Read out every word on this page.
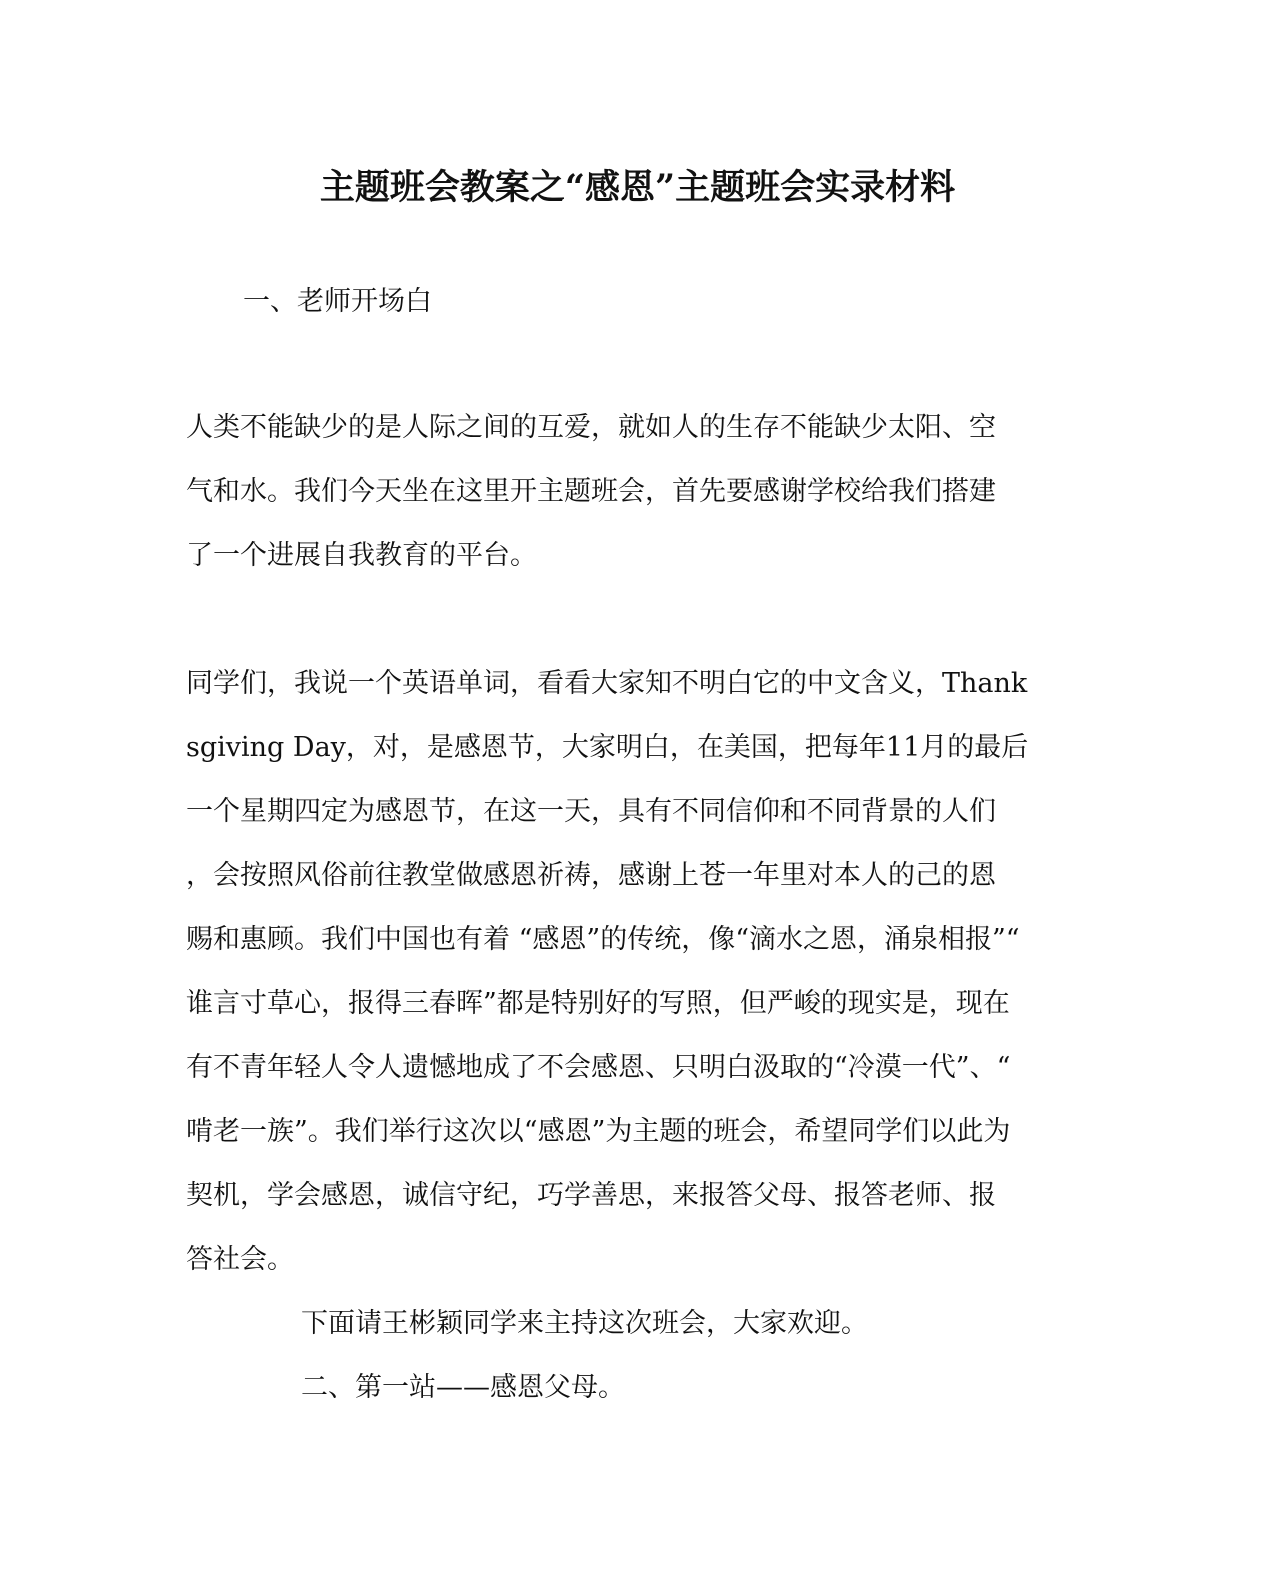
主题班会教案之“感恩”主题班会实录材料

一、老师开场白

人类不能缺少的是人际之间的互爱，就如人的生存不能缺少太阳、空
气和水。我们今天坐在这里开主题班会，首先要感谢学校给我们搭建
了一个进展自我教育的平台。
同学们，我说一个英语单词，看看大家知不明白它的中文含义，Thank
sgiving Day，对，是感恩节，大家明白，在美国，把每年11月的最后
一个星期四定为感恩节，在这一天，具有不同信仰和不同背景的人们
，会按照风俗前往教堂做感恩祈祷，感谢上苍一年里对本人的己的恩
赐和惠顾。我们中国也有着 “感恩”的传统，像“滴水之恩，涌泉相报”“
谁言寸草心，报得三春晖”都是特别好的写照，但严峻的现实是，现在
有不青年轻人令人遗憾地成了不会感恩、只明白汲取的“冷漠一代”、“
啃老一族”。我们举行这次以“感恩”为主题的班会，希望同学们以此为
契机，学会感恩，诚信守纪，巧学善思，来报答父母、报答老师、报
答社会。

下面请王彬颖同学来主持这次班会，大家欢迎。

二、第一站——感恩父母。
